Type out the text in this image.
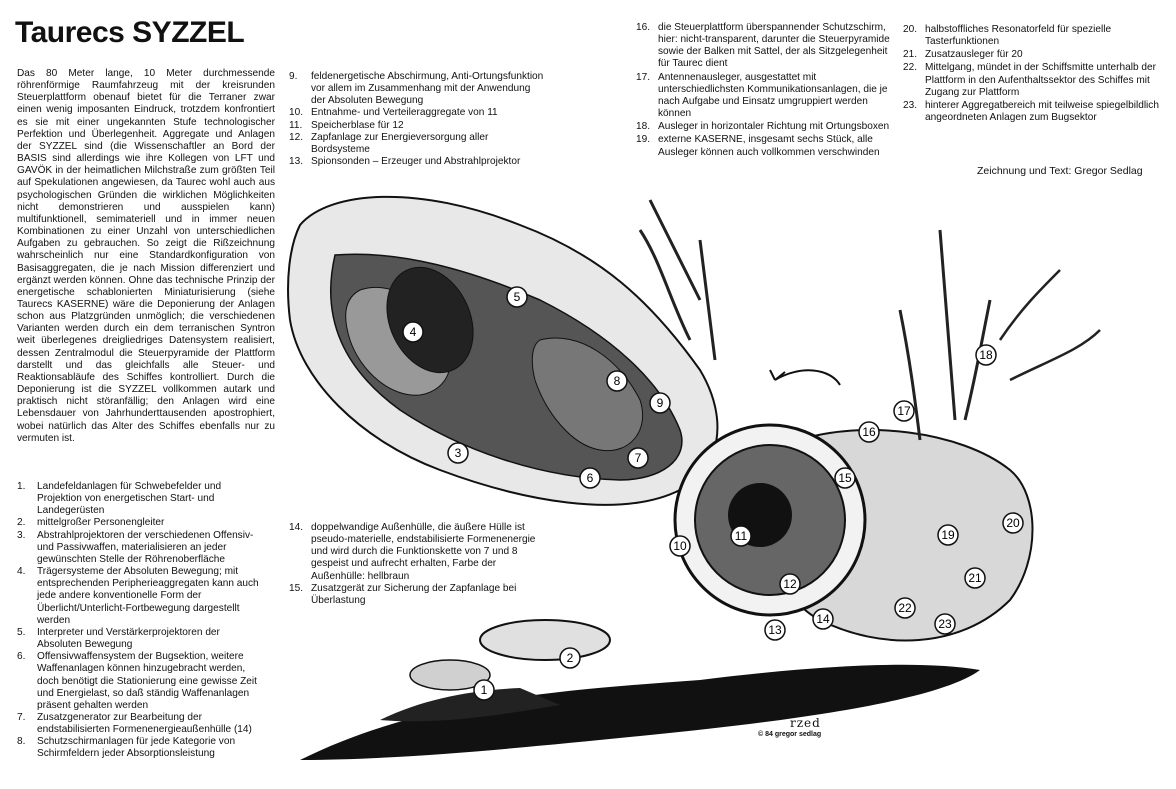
Taurecs SYZZEL

Das 80 Meter lange, 10 Meter durchmessende röhrenförmige Raumfahrzeug mit der kreisrunden Steuerplattform obenauf bietet für die Terraner zwar einen wenig imposanten Eindruck, trotzdem konfrontiert es sie mit einer ungekannten Stufe technologischer Perfektion und Überlegenheit. Aggregate und Anlagen der SYZZEL sind (die Wissenschaftler an Bord der BASIS sind allerdings wie ihre Kollegen von LFT und GAVÖK in der heimatlichen Milchstraße zum größten Teil auf Spekulationen angewiesen, da Taurec wohl auch aus psychologischen Gründen die wirklichen Möglichkeiten nicht demonstrieren und ausspielen kann) multifunktionell, semimateriell und in immer neuen Kombinationen zu einer Unzahl von unterschiedlichen Aufgaben zu gebrauchen. So zeigt die Rißzeichnung wahrscheinlich nur eine Standardkonfiguration von Basisaggregaten, die je nach Mission differenziert und ergänzt werden können. Ohne das technische Prinzip der energetische schablonierten Miniaturisierung (siehe Taurecs KASERNE) wäre die Deponierung der Anlagen schon aus Platzgründen unmöglich; die verschiedenen Varianten werden durch ein dem terranischen Syntron weit überlegenes dreigliedriges Datensystem realisiert, dessen Zentralmodul die Steuerpyramide der Plattform darstellt und das gleichfalls alle Steuer- und Reaktionsabläufe des Schiffes kontrolliert. Durch die Deponierung ist die SYZZEL vollkommen autark und praktisch nicht störanfällig; den Anlagen wird eine Lebensdauer von Jahrhunderttausenden apostrophiert, wobei natürlich das Alter des Schiffes ebenfalls nur zu vermuten ist.

1.	Landefeldanlagen für Schwebefelder und Projektion von energetischen Start- und Landegerüsten
2.	mittelgroßer Personengleiter
3.	Abstrahlprojektoren der verschiedenen Offensiv- und Passivwaffen, materialisieren an jeder gewünschten Stelle der Röhrenoberfläche
4.	Trägersysteme der Absoluten Bewegung; mit entsprechenden Peripherieaggregaten kann auch jede andere konventionelle Form der Überlicht/Unterlicht-Fortbewegung dargestellt werden
5.	Interpreter und Verstärkerprojektoren der Absoluten Bewegung
6.	Offensivwaffensystem der Bugsektion, weitere Waffenanlagen können hinzugebracht werden, doch benötigt die Stationierung eine gewisse Zeit und Energielast, so daß ständig Waffenanlagen präsent gehalten werden
7.	Zusatzgenerator zur Bearbeitung der endstabilisierten Formenenergieaußenhülle (14)
8.	Schutzschirmanlagen für jede Kategorie von Schirmfeldern jeder Absorptionsleistung
9.	feldenergetische Abschirmung, Anti-Ortungsfunktion vor allem im Zusammenhang mit der Anwendung der Absoluten Bewegung
10. Entnahme- und Verteileraggregate von 11
11. Speicherblase für 12
12. Zapfanlage zur Energieversorgung aller Bordsysteme
13. Spionsonden – Erzeuger und Abstrahlprojektor
14. doppelwandige Außenhülle, die äußere Hülle ist pseudo-materielle, endstabilisierte Formenenergie und wird durch die Funktionskette von 7 und 8 gespeist und aufrecht erhalten, Farbe der Außenhülle: hellbraun
15. Zusatzgerät zur Sicherung der Zapfanlage bei Überlastung
16. die Steuerplattform überspannender Schutzschirm, hier: nicht-transparent, darunter die Steuerpyramide sowie der Balken mit Sattel, der als Sitzgelegenheit für Taurec dient
17. Antennenausleger, ausgestattet mit unterschiedlichsten Kommunikationsanlagen, die je nach Aufgabe und Einsatz umgruppiert werden können
18. Ausleger in horizontaler Richtung mit Ortungsboxen
19. externe KASERNE, insgesamt sechs Stück, alle Ausleger können auch vollkommen verschwinden
20. halbstoffliches Resonatorfeld für spezielle Tasterfunktionen
21. Zusatzausleger für 20
22. Mittelgang, mündet in der Schiffsmitte unterhalb der Plattform in den Aufenthaltssektor des Schiffes mit Zugang zur Plattform
23. hinterer Aggregatbereich mit teilweise spiegelbildlich angeordneten Anlagen zum Bugsektor
Zeichnung und Text: Gregor Sedlag
1
2
3
4
5
6
7
8
9
10
11
12
13
14
15
16
17
18
19
20
21
22
23
rzed
© 84 gregor sedlag
